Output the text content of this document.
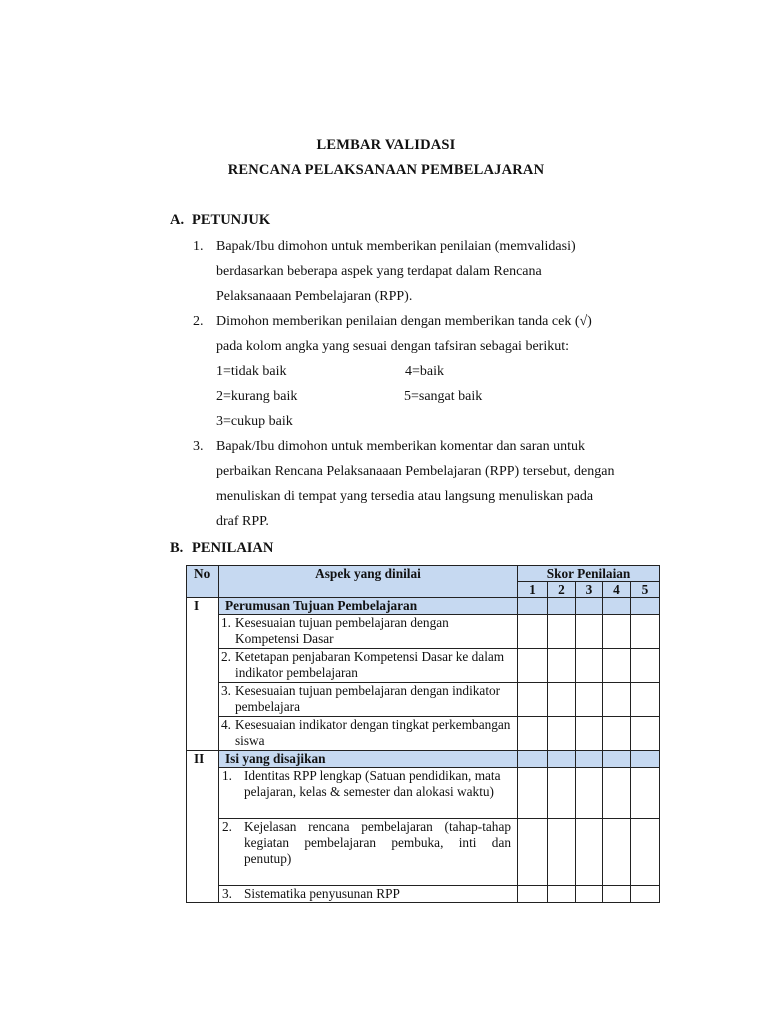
LEMBAR VALIDASI
RENCANA PELAKSANAAN PEMBELAJARAN
A. PETUNJUK
1. Bapak/Ibu dimohon untuk memberikan penilaian (memvalidasi)
berdasarkan beberapa aspek yang terdapat dalam Rencana
Pelaksanaaan Pembelajaran (RPP).
2. Dimohon memberikan penilaian dengan memberikan tanda cek (√)
pada kolom angka yang sesuai dengan tafsiran sebagai berikut:
1=tidak baik	4=baik
2=kurang baik	5=sangat baik
3=cukup baik
3. Bapak/Ibu dimohon untuk memberikan komentar dan saran untuk
perbaikan Rencana Pelaksanaaan Pembelajaran (RPP) tersebut, dengan
menuliskan di tempat yang tersedia atau langsung menuliskan pada
draf RPP.
B. PENILAIAN
No	Aspek yang dinilai	Skor Penilaian				
		1	2	3	4	5
I	Perumusan Tujuan Pembelajaran					

	1. Kesesuaian tujuan pembelajaran dengan Kompetensi Dasar					

	2. Ketetapan penjabaran Kompetensi Dasar ke dalam indikator pembelajaran					

	3. Kesesuaian tujuan pembelajaran dengan indikator pembelajara					

	4. Kesesuaian indikator dengan tingkat perkembangan siswa					

II	Isi yang disajikan					

	1. Identitas RPP lengkap (Satuan pendidikan, mata pelajaran, kelas & semester dan alokasi waktu)					

	2. Kejelasan rencana pembelajaran (tahap-tahap kegiatan pembelajaran pembuka, inti dan penutup)					

	3. Sistematika penyusunan RPP					
